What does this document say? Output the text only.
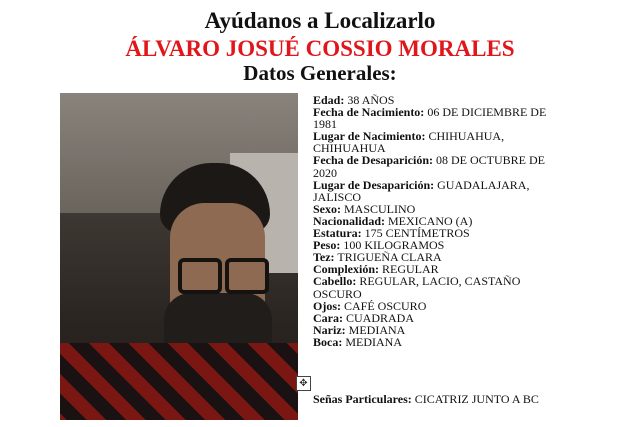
Ayúdanos a Localizarlo
ÁLVARO JOSUÉ COSSIO MORALES
Datos Generales:
✥

Edad: 38 AÑOS

Fecha de Nacimiento: 06 DE DICIEMBRE DE 1981

Lugar de Nacimiento: CHIHUAHUA, CHIHUAHUA

Fecha de Desaparición: 08 DE OCTUBRE DE 2020

Lugar de Desaparición: GUADALAJARA, JALISCO

Sexo: MASCULINO

Nacionalidad: MEXICANO (A)

Estatura: 175 CENTÍMETROS

Peso: 100 KILOGRAMOS

Tez: TRIGUEÑA CLARA

Complexión: REGULAR

Cabello: REGULAR, LACIO, CASTAÑO OSCURO

Ojos: CAFÉ OSCURO

Cara: CUADRADA

Nariz: MEDIANA

Boca: MEDIANA

Señas Particulares: CICATRIZ JUNTO A BC
